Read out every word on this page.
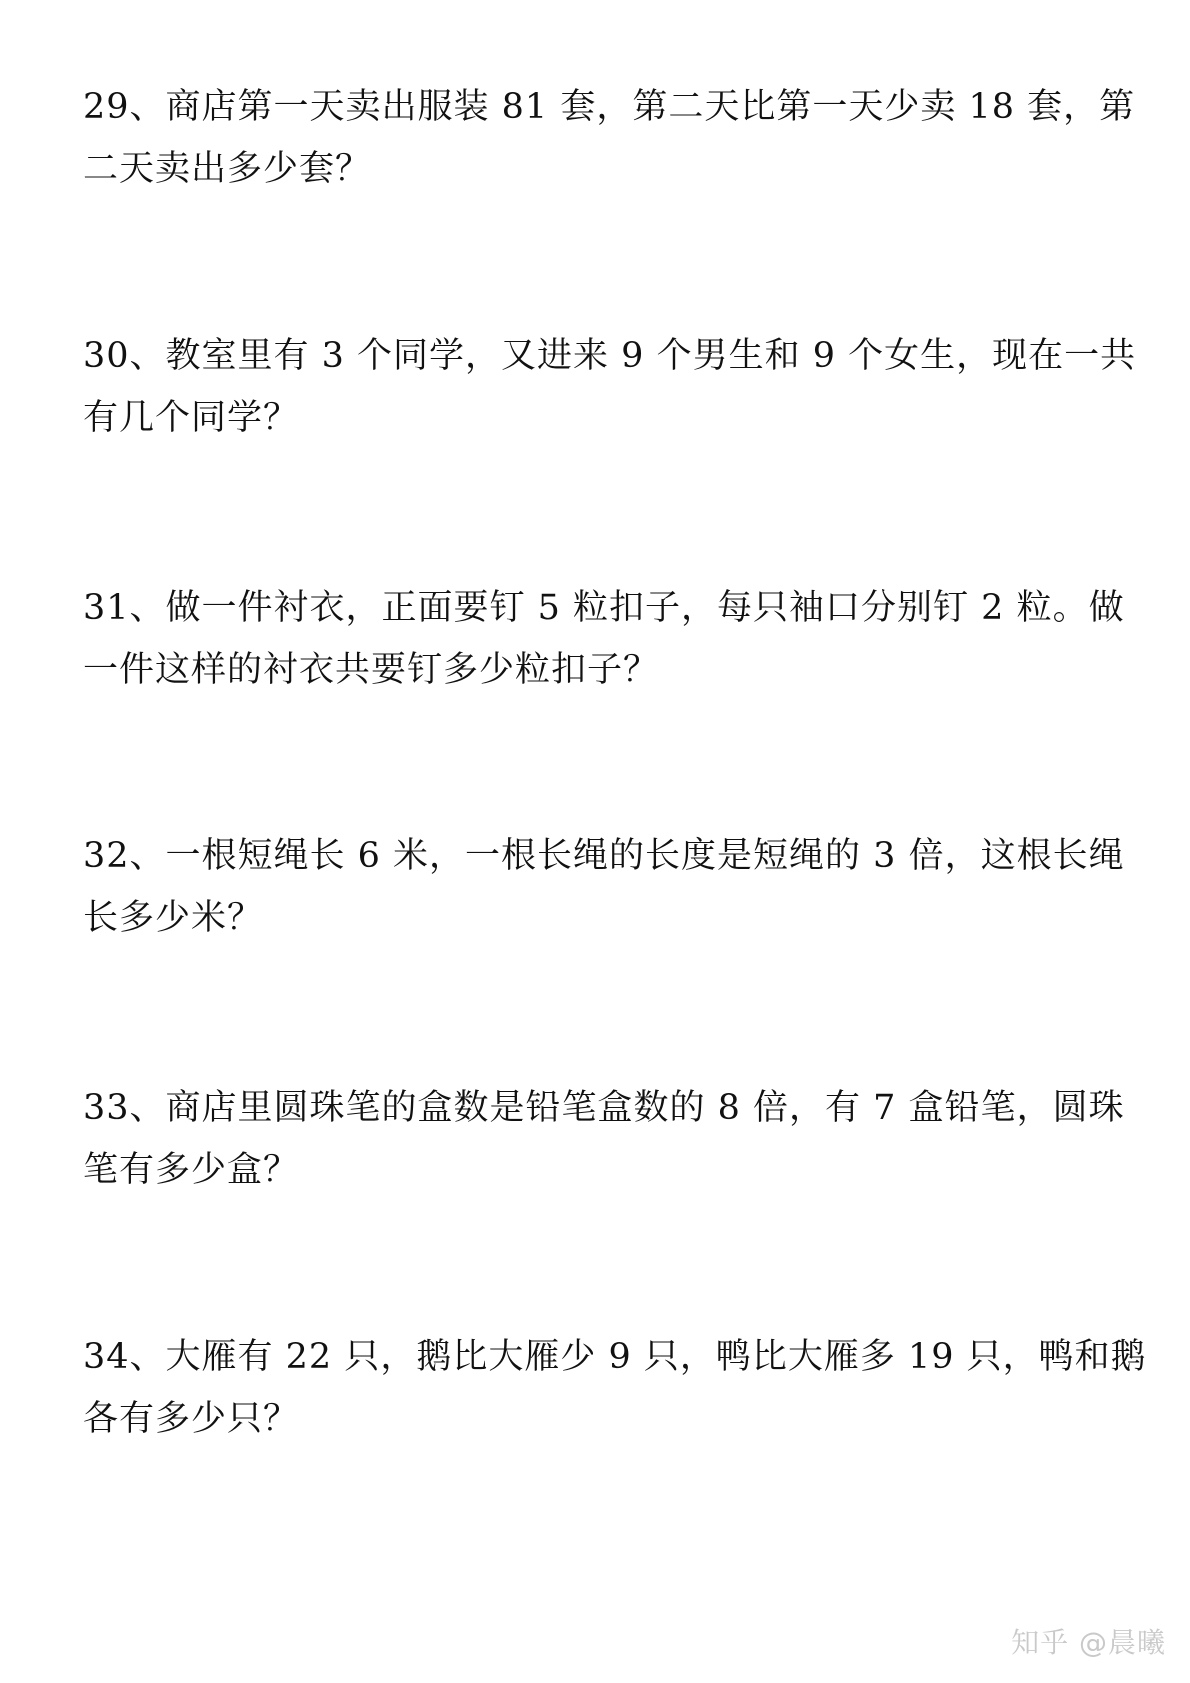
29、商店第一天卖出服装 81 套，第二天比第一天少卖 18 套，第
二天卖出多少套？
30、教室里有 3 个同学，又进来 9 个男生和 9 个女生，现在一共
有几个同学？
31、做一件衬衣，正面要钉 5 粒扣子，每只袖口分别钉 2 粒。做
一件这样的衬衣共要钉多少粒扣子？
32、一根短绳长 6 米，一根长绳的长度是短绳的 3 倍，这根长绳
长多少米？
33、商店里圆珠笔的盒数是铅笔盒数的 8 倍，有 7 盒铅笔，圆珠
笔有多少盒？
34、大雁有 22 只，鹅比大雁少 9 只，鸭比大雁多 19 只，鸭和鹅
各有多少只？
知乎 @晨曦
